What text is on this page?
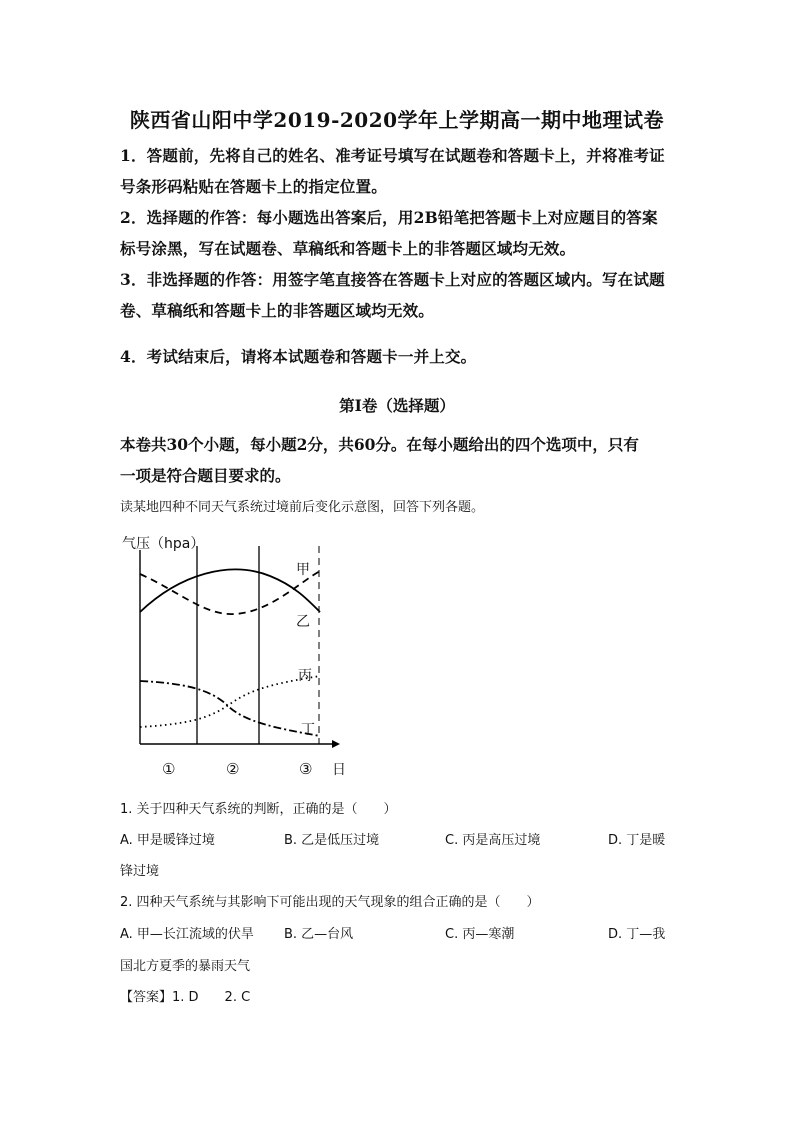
陕西省山阳中学2019-2020学年上学期高一期中地理试卷
1．答题前，先将自己的姓名、准考证号填写在试题卷和答题卡上，并将准考证
号条形码粘贴在答题卡上的指定位置。
2．选择题的作答：每小题选出答案后，用2B铅笔把答题卡上对应题目的答案
标号涂黑，写在试题卷、草稿纸和答题卡上的非答题区域均无效。
3．非选择题的作答：用签字笔直接答在答题卡上对应的答题区域内。写在试题
卷、草稿纸和答题卡上的非答题区域均无效。
4．考试结束后，请将本试题卷和答题卡一并上交。
第Ⅰ卷（选择题）
本卷共30个小题，每小题2分，共60分。在每小题给出的四个选项中，只有
一项是符合题目要求的。
读某地四种不同天气系统过境前后变化示意图，回答下列各题。
气压（hpa）
甲
乙
丙
丁
①	②	③ 日
1. 关于四种天气系统的判断，正确的是（　　）
A. 甲是暖锋过境	B. 乙是低压过境	C. 丙是高压过境	D. 丁是暖
锋过境
2. 四种天气系统与其影响下可能出现的天气现象的组合正确的是（　　）
A. 甲—长江流域的伏旱 B. 乙—台风	C. 丙—寒潮	D. 丁—我
国北方夏季的暴雨天气
【答案】1. D　　2. C
